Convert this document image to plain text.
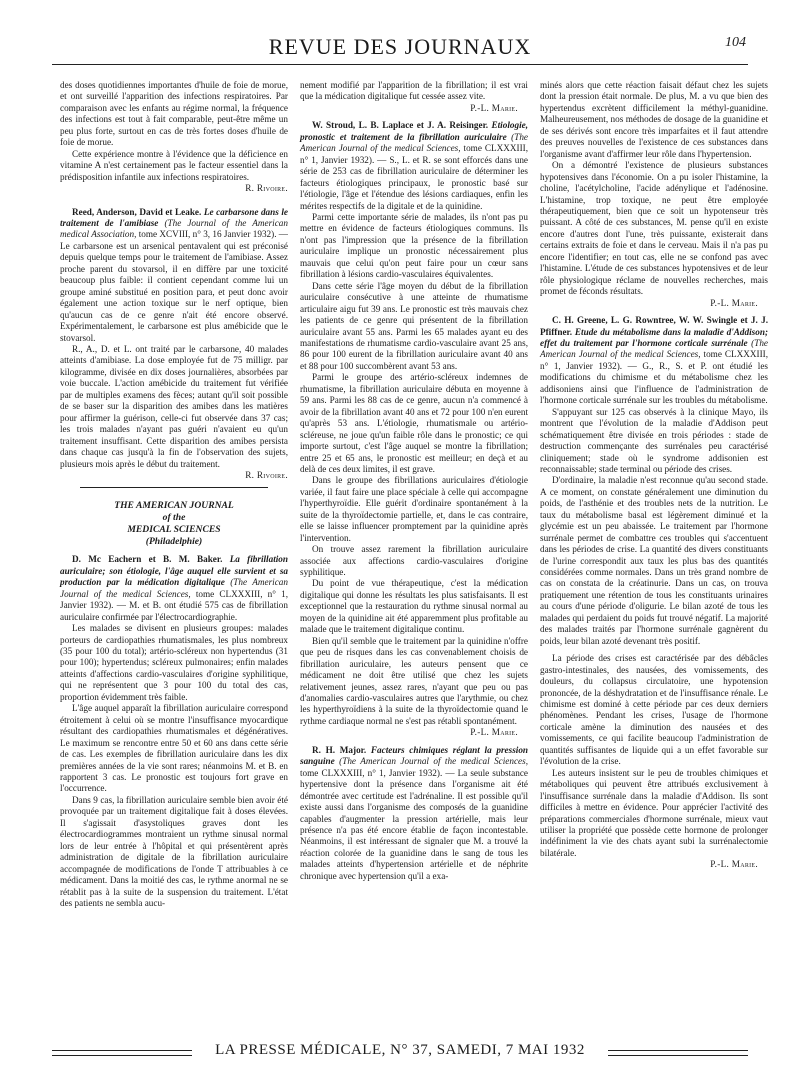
REVUE DES JOURNAUX	104

des doses quotidiennes importantes d'huile de foie de morue, et ont surveillé l'apparition des infections respiratoires. Par comparaison avec les enfants au régime normal, la fréquence des infections est tout à fait comparable, peut-être même un peu plus forte, surtout en cas de très fortes doses d'huile de foie de morue.

Cette expérience montre à l'évidence que la déficience en vitamine A n'est certainement pas le facteur essentiel dans la prédisposition infantile aux infections respiratoires.

R. Rivoire.

Reed, Anderson, David et Leake. Le carbarsone dans le traitement de l'amibiase (The Journal of the American medical Association, tome XCVIII, n° 3, 16 Janvier 1932). — Le carbarsone est un arsenical pentavalent qui est préconisé depuis quelque temps pour le traitement de l'amibiase. Assez proche parent du stovarsol, il en diffère par une toxicité beaucoup plus faible: il contient cependant comme lui un groupe aminé substitué en position para, et peut donc avoir également une action toxique sur le nerf optique, bien qu'aucun cas de ce genre n'ait été encore observé. Expérimentalement, le carbarsone est plus amébicide que le stovarsol.

R., A., D. et L. ont traité par le carbarsone, 40 malades atteints d'amibiase. La dose employée fut de 75 milligr. par kilogramme, divisée en dix doses journalières, absorbées par voie buccale. L'action amébicide du traitement fut vérifiée par de multiples examens des fèces; autant qu'il soit possible de se baser sur la disparition des amibes dans les matières pour affirmer la guérison, celle-ci fut observée dans 37 cas; les trois malades n'ayant pas guéri n'avaient eu qu'un traitement insuffisant. Cette disparition des amibes persista dans chaque cas jusqu'à la fin de l'observation des sujets, plusieurs mois après le début du traitement.

R. Rivoire.

THE AMERICAN JOURNAL

of the

MEDICAL SCIENCES

(Philadelphie)

D. Mc Eachern et B. M. Baker. La fibrillation auriculaire; son étiologie, l'âge auquel elle survient et sa production par la médication digitalique (The American Journal of the medical Sciences, tome CLXXXIII, n° 1, Janvier 1932). — M. et B. ont étudié 575 cas de fibrillation auriculaire confirmée par l'électrocardiographie.

Les malades se divisent en plusieurs groupes: malades porteurs de cardiopathies rhumatismales, les plus nombreux (35 pour 100 du total); artério-scléreux non hypertendus (31 pour 100); hypertendus; scléreux pulmonaires; enfin malades atteints d'affections cardio-vasculaires d'origine syphilitique, qui ne représentent que 3 pour 100 du total des cas, proportion évidemment très faible.

L'âge auquel apparaît la fibrillation auriculaire correspond étroitement à celui où se montre l'insuffisance myocardique résultant des cardiopathies rhumatismales et dégénératives. Le maximum se rencontre entre 50 et 60 ans dans cette série de cas. Les exemples de fibrillation auriculaire dans les dix premières années de la vie sont rares; néanmoins M. et B. en rapportent 3 cas. Le pronostic est toujours fort grave en l'occurrence.

Dans 9 cas, la fibrillation auriculaire semble bien avoir été provoquée par un traitement digitalique fait à doses élevées. Il s'agissait d'asystoliques graves dont les électrocardiogrammes montraient un rythme sinusal normal lors de leur entrée à l'hôpital et qui présentèrent après administration de digitale de la fibrillation auriculaire accompagnée de modifications de l'onde T attribuables à ce médicament. Dans la moitié des cas, le rythme anormal ne se rétablit pas à la suite de la suspension du traitement. L'état des patients ne sembla aucu-

nement modifié par l'apparition de la fibrillation; il est vrai que la médication digitalique fut cessée assez vite.

P.-L. Marie.

W. Stroud, L. B. Laplace et J. A. Reisinger. Etiologie, pronostic et traitement de la fibrillation auriculaire (The American Journal of the medical Sciences, tome CLXXXIII, n° 1, Janvier 1932). — S., L. et R. se sont efforcés dans une série de 253 cas de fibrillation auriculaire de déterminer les facteurs étiologiques principaux, le pronostic basé sur l'étiologie, l'âge et l'étendue des lésions cardiaques, enfin les mérites respectifs de la digitale et de la quinidine.

Parmi cette importante série de malades, ils n'ont pas pu mettre en évidence de facteurs étiologiques communs. Ils n'ont pas l'impression que la présence de la fibrillation auriculaire implique un pronostic nécessairement plus mauvais que celui qu'on peut faire pour un cœur sans fibrillation à lésions cardio-vasculaires équivalentes.

Dans cette série l'âge moyen du début de la fibrillation auriculaire consécutive à une atteinte de rhumatisme articulaire aigu fut 39 ans. Le pronostic est très mauvais chez les patients de ce genre qui présentent de la fibrillation auriculaire avant 55 ans. Parmi les 65 malades ayant eu des manifestations de rhumatisme cardio-vasculaire avant 25 ans, 86 pour 100 eurent de la fibrillation auriculaire avant 40 ans et 88 pour 100 succombèrent avant 53 ans.

Parmi le groupe des artério-scléreux indemnes de rhumatisme, la fibrillation auriculaire débuta en moyenne à 59 ans. Parmi les 88 cas de ce genre, aucun n'a commencé à avoir de la fibrillation avant 40 ans et 72 pour 100 n'en eurent qu'après 53 ans. L'étiologie, rhumatismale ou artério-scléreuse, ne joue qu'un faible rôle dans le pronostic; ce qui importe surtout, c'est l'âge auquel se montre la fibrillation; entre 25 et 65 ans, le pronostic est meilleur; en deçà et au delà de ces deux limites, il est grave.

Dans le groupe des fibrillations auriculaires d'étiologie variée, il faut faire une place spéciale à celle qui accompagne l'hyperthyroïdie. Elle guérit d'ordinaire spontanément à la suite de la thyroïdectomie partielle, et, dans le cas contraire, elle se laisse influencer promptement par la quinidine après l'intervention.

On trouve assez rarement la fibrillation auriculaire associée aux affections cardio-vasculaires d'origine syphilitique.

Du point de vue thérapeutique, c'est la médication digitalique qui donne les résultats les plus satisfaisants. Il est exceptionnel que la restauration du rythme sinusal normal au moyen de la quinidine ait été apparemment plus profitable au malade que le traitement digitalique continu.

Bien qu'il semble que le traitement par la quinidine n'offre que peu de risques dans les cas convenablement choisis de fibrillation auriculaire, les auteurs pensent que ce médicament ne doit être utilisé que chez les sujets relativement jeunes, assez rares, n'ayant que peu ou pas d'anomalies cardio-vasculaires autres que l'arythmie, ou chez les hyperthyroïdiens à la suite de la thyroïdectomie quand le rythme cardiaque normal ne s'est pas rétabli spontanément.

P.-L. Marie.

R. H. Major. Facteurs chimiques réglant la pression sanguine (The American Journal of the medical Sciences, tome CLXXXIII, n° 1, Janvier 1932). — La seule substance hypertensive dont la présence dans l'organisme ait été démontrée avec certitude est l'adrénaline. Il est possible qu'il existe aussi dans l'organisme des composés de la guanidine capables d'augmenter la pression artérielle, mais leur présence n'a pas été encore établie de façon incontestable. Néanmoins, il est intéressant de signaler que M. a trouvé la réaction colorée de la guanidine dans le sang de tous les malades atteints d'hypertension artérielle et de néphrite chronique avec hypertension qu'il a exa-

minés alors que cette réaction faisait défaut chez les sujets dont la pression était normale. De plus, M. a vu que bien des hypertendus excrètent difficilement la méthyl-guanidine. Malheureusement, nos méthodes de dosage de la guanidine et de ses dérivés sont encore très imparfaites et il faut attendre des preuves nouvelles de l'existence de ces substances dans l'organisme avant d'affirmer leur rôle dans l'hypertension.

On a démontré l'existence de plusieurs substances hypotensives dans l'économie. On a pu isoler l'histamine, la choline, l'acétylcholine, l'acide adénylique et l'adénosine. L'histamine, trop toxique, ne peut être employée thérapeutiquement, bien que ce soit un hypotenseur très puissant. A côté de ces substances, M. pense qu'il en existe encore d'autres dont l'une, très puissante, existerait dans certains extraits de foie et dans le cerveau. Mais il n'a pas pu encore l'identifier; en tout cas, elle ne se confond pas avec l'histamine. L'étude de ces substances hypotensives et de leur rôle physiologique réclame de nouvelles recherches, mais promet de féconds résultats.

P.-L. Marie.

C. H. Greene, L. G. Rowntree, W. W. Swingle et J. J. Pfiffner. Etude du métabolisme dans la maladie d'Addison; effet du traitement par l'hormone corticale surrénale (The American Journal of the medical Sciences, tome CLXXXIII, n° 1, Janvier 1932). — G., R., S. et P. ont étudié les modifications du chimisme et du métabolisme chez les addisoniens ainsi que l'influence de l'administration de l'hormone corticale surrénale sur les troubles du métabolisme.

S'appuyant sur 125 cas observés à la clinique Mayo, ils montrent que l'évolution de la maladie d'Addison peut schématiquement être divisée en trois périodes : stade de destruction commençante des surrénales peu caractérisé cliniquement; stade où le syndrome addisonien est reconnaissable; stade terminal ou période des crises.

D'ordinaire, la maladie n'est reconnue qu'au second stade. A ce moment, on constate généralement une diminution du poids, de l'asthénie et des troubles nets de la nutrition. Le taux du métabolisme basal est légèrement diminué et la glycémie est un peu abaissée. Le traitement par l'hormone surrénale permet de combattre ces troubles qui s'accentuent dans les périodes de crise. La quantité des divers constituants de l'urine correspondit aux taux les plus bas des quantités considérées comme normales. Dans un très grand nombre de cas on constata de la créatinurie. Dans un cas, on trouva pratiquement une rétention de tous les constituants urinaires au cours d'une période d'oligurie. Le bilan azoté de tous les malades qui perdaient du poids fut trouvé négatif. La majorité des malades traités par l'hormone surrénale gagnèrent du poids, leur bilan azoté devenant très positif.

La période des crises est caractérisée par des débâcles gastro-intestinales, des nausées, des vomissements, des douleurs, du collapsus circulatoire, une hypotension prononcée, de la déshydratation et de l'insuffisance rénale. Le chimisme est dominé à cette période par ces deux derniers phénomènes. Pendant les crises, l'usage de l'hormone corticale amène la diminution des nausées et des vomissements, ce qui facilite beaucoup l'administration de quantités suffisantes de liquide qui a un effet favorable sur l'évolution de la crise.

Les auteurs insistent sur le peu de troubles chimiques et métaboliques qui peuvent être attribués exclusivement à l'insuffisance surrénale dans la maladie d'Addison. Ils sont difficiles à mettre en évidence. Pour apprécier l'activité des préparations commerciales d'hormone surrénale, mieux vaut utiliser la propriété que possède cette hormone de prolonger indéfiniment la vie des chats ayant subi la surrénalectomie bilatérale.

P.-L. Marie.

LA PRESSE MÉDICALE, N° 37, SAMEDI, 7 MAI 1932
